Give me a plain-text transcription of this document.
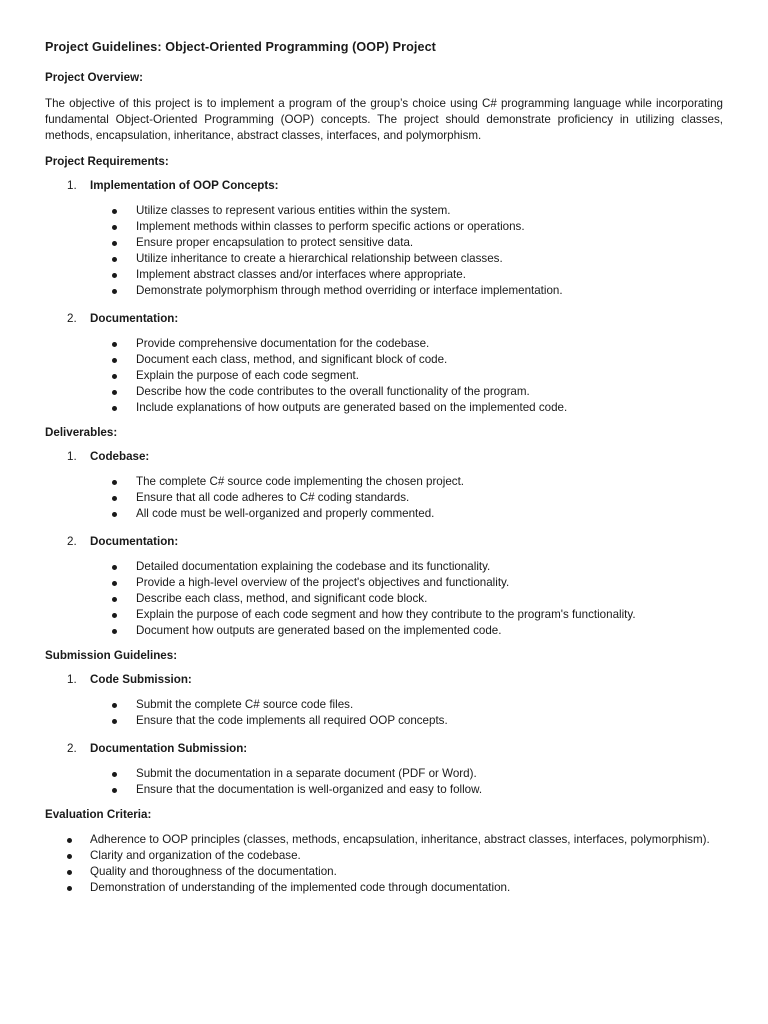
Project Guidelines: Object-Oriented Programming (OOP) Project
Project Overview:

The objective of this project is to implement a program of the group’s choice using C# programming language while incorporating fundamental Object-Oriented Programming (OOP) concepts. The project should demonstrate proficiency in utilizing classes, methods, encapsulation, inheritance, abstract classes, interfaces, and polymorphism.

Project Requirements:
1. Implementation of OOP Concepts:
Utilize classes to represent various entities within the system.
Implement methods within classes to perform specific actions or operations.
Ensure proper encapsulation to protect sensitive data.
Utilize inheritance to create a hierarchical relationship between classes.
Implement abstract classes and/or interfaces where appropriate.
Demonstrate polymorphism through method overriding or interface implementation.
2. Documentation:
Provide comprehensive documentation for the codebase.
Document each class, method, and significant block of code.
Explain the purpose of each code segment.
Describe how the code contributes to the overall functionality of the program.
Include explanations of how outputs are generated based on the implemented code.
Deliverables:
1. Codebase:
The complete C# source code implementing the chosen project.
Ensure that all code adheres to C# coding standards.
All code must be well-organized and properly commented.
2. Documentation:
Detailed documentation explaining the codebase and its functionality.
Provide a high-level overview of the project's objectives and functionality.
Describe each class, method, and significant code block.
Explain the purpose of each code segment and how they contribute to the program's functionality.
Document how outputs are generated based on the implemented code.
Submission Guidelines:
1. Code Submission:
Submit the complete C# source code files.
Ensure that the code implements all required OOP concepts.
2. Documentation Submission:
Submit the documentation in a separate document (PDF or Word).
Ensure that the documentation is well-organized and easy to follow.
Evaluation Criteria:
Adherence to OOP principles (classes, methods, encapsulation, inheritance, abstract classes, interfaces, polymorphism).
Clarity and organization of the codebase.
Quality and thoroughness of the documentation.
Demonstration of understanding of the implemented code through documentation.
